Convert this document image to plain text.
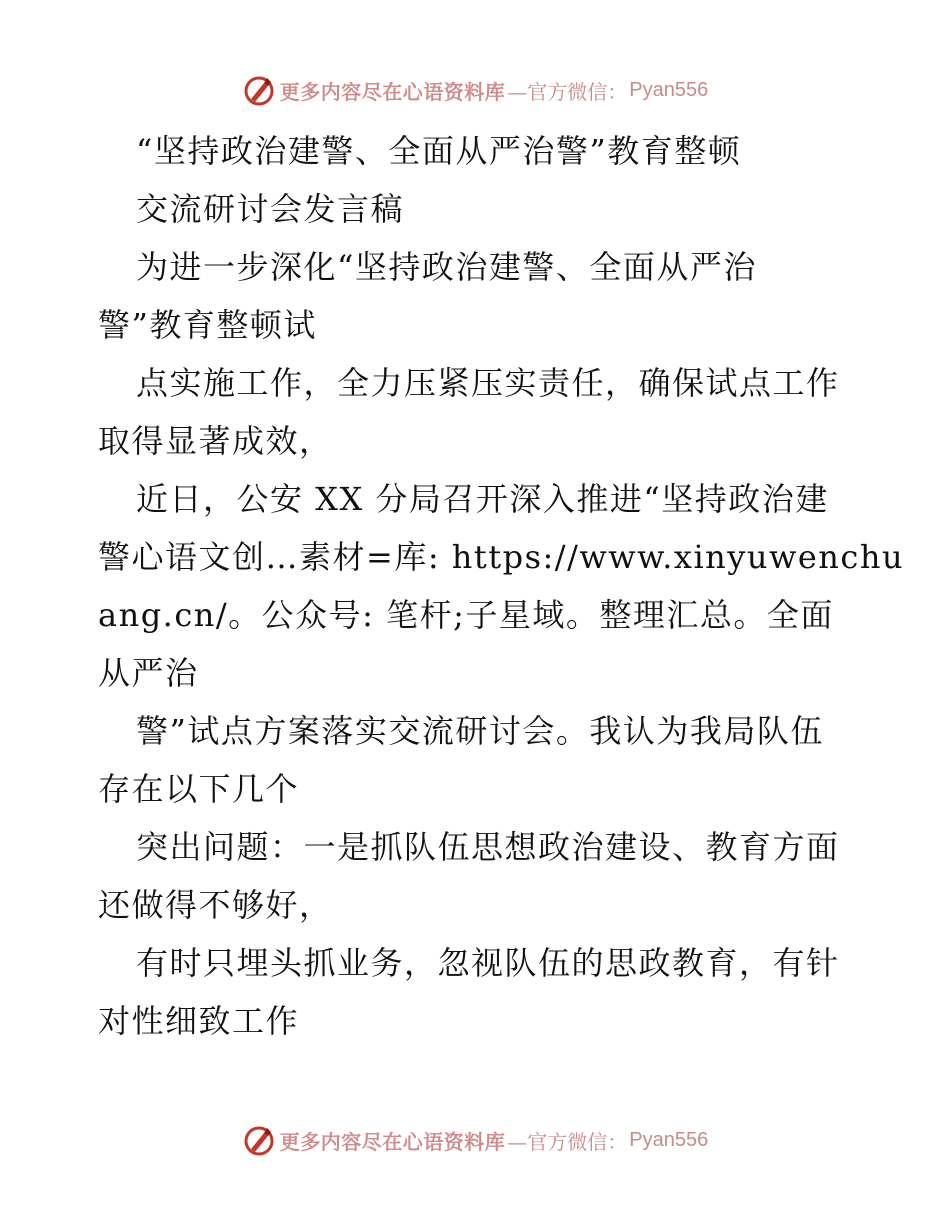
更多内容尽在心语资料库 —官方微信： Pyan556
“坚持政治建警、全面从严治警”教育整顿
交流研讨会发言稿
为进一步深化“坚持政治建警、全面从严治
警”教育整顿试
点实施工作，全力压紧压实责任，确保试点工作
取得显著成效，
近日，公安 XX 分局召开深入推进“坚持政治建
警心语文创…素材=库: https://www.xinyuwenchu
ang.cn/。公众号: 笔杆;子星域。整理汇总。全面
从严治
警”试点方案落实交流研讨会。我认为我局队伍
存在以下几个
突出问题：一是抓队伍思想政治建设、教育方面
还做得不够好，
有时只埋头抓业务，忽视队伍的思政教育，有针
对性细致工作
更多内容尽在心语资料库 —官方微信： Pyan556
